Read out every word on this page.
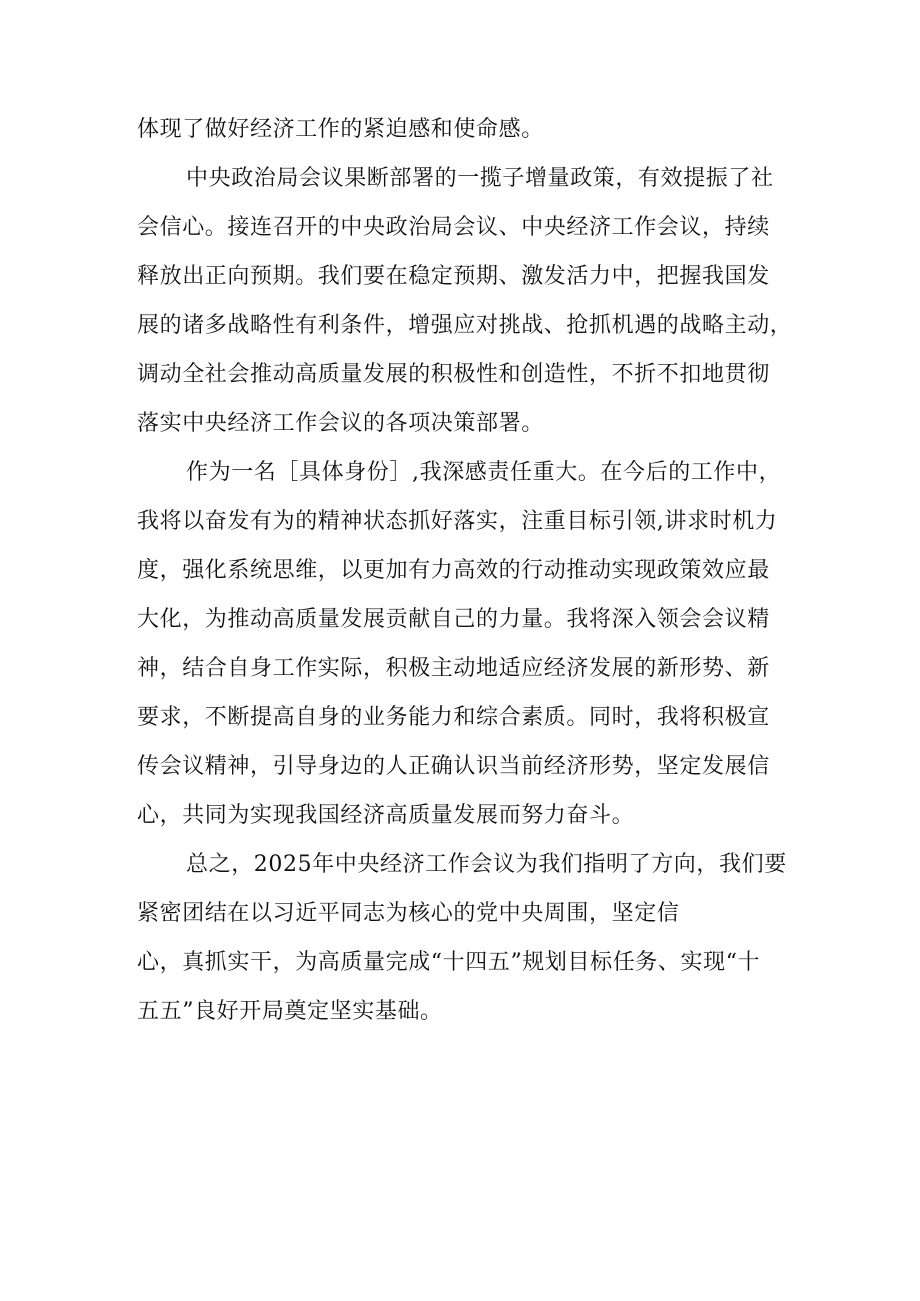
体现了做好经济工作的紧迫感和使命感。
中央政治局会议果断部署的一揽子增量政策，有效提振了社
会信心。接连召开的中央政治局会议、中央经济工作会议，持续
释放出正向预期。我们要在稳定预期、激发活力中，把握我国发
展的诸多战略性有利条件，增强应对挑战、抢抓机遇的战略主动，
调动全社会推动高质量发展的积极性和创造性，不折不扣地贯彻
落实中央经济工作会议的各项决策部署。
作为一名［具体身份］,我深感责任重大。在今后的工作中，
我将以奋发有为的精神状态抓好落实，注重目标引领,讲求时机力
度，强化系统思维，以更加有力高效的行动推动实现政策效应最
大化，为推动高质量发展贡献自己的力量。我将深入领会会议精
神，结合自身工作实际，积极主动地适应经济发展的新形势、新
要求，不断提高自身的业务能力和综合素质。同时，我将积极宣
传会议精神，引导身边的人正确认识当前经济形势，坚定发展信
心，共同为实现我国经济高质量发展而努力奋斗。
总之，2025年中央经济工作会议为我们指明了方向，我们要
紧密团结在以习近平同志为核心的党中央周围，坚定信
心，真抓实干，为高质量完成“十四五”规划目标任务、实现“十
五五”良好开局奠定坚实基础。
